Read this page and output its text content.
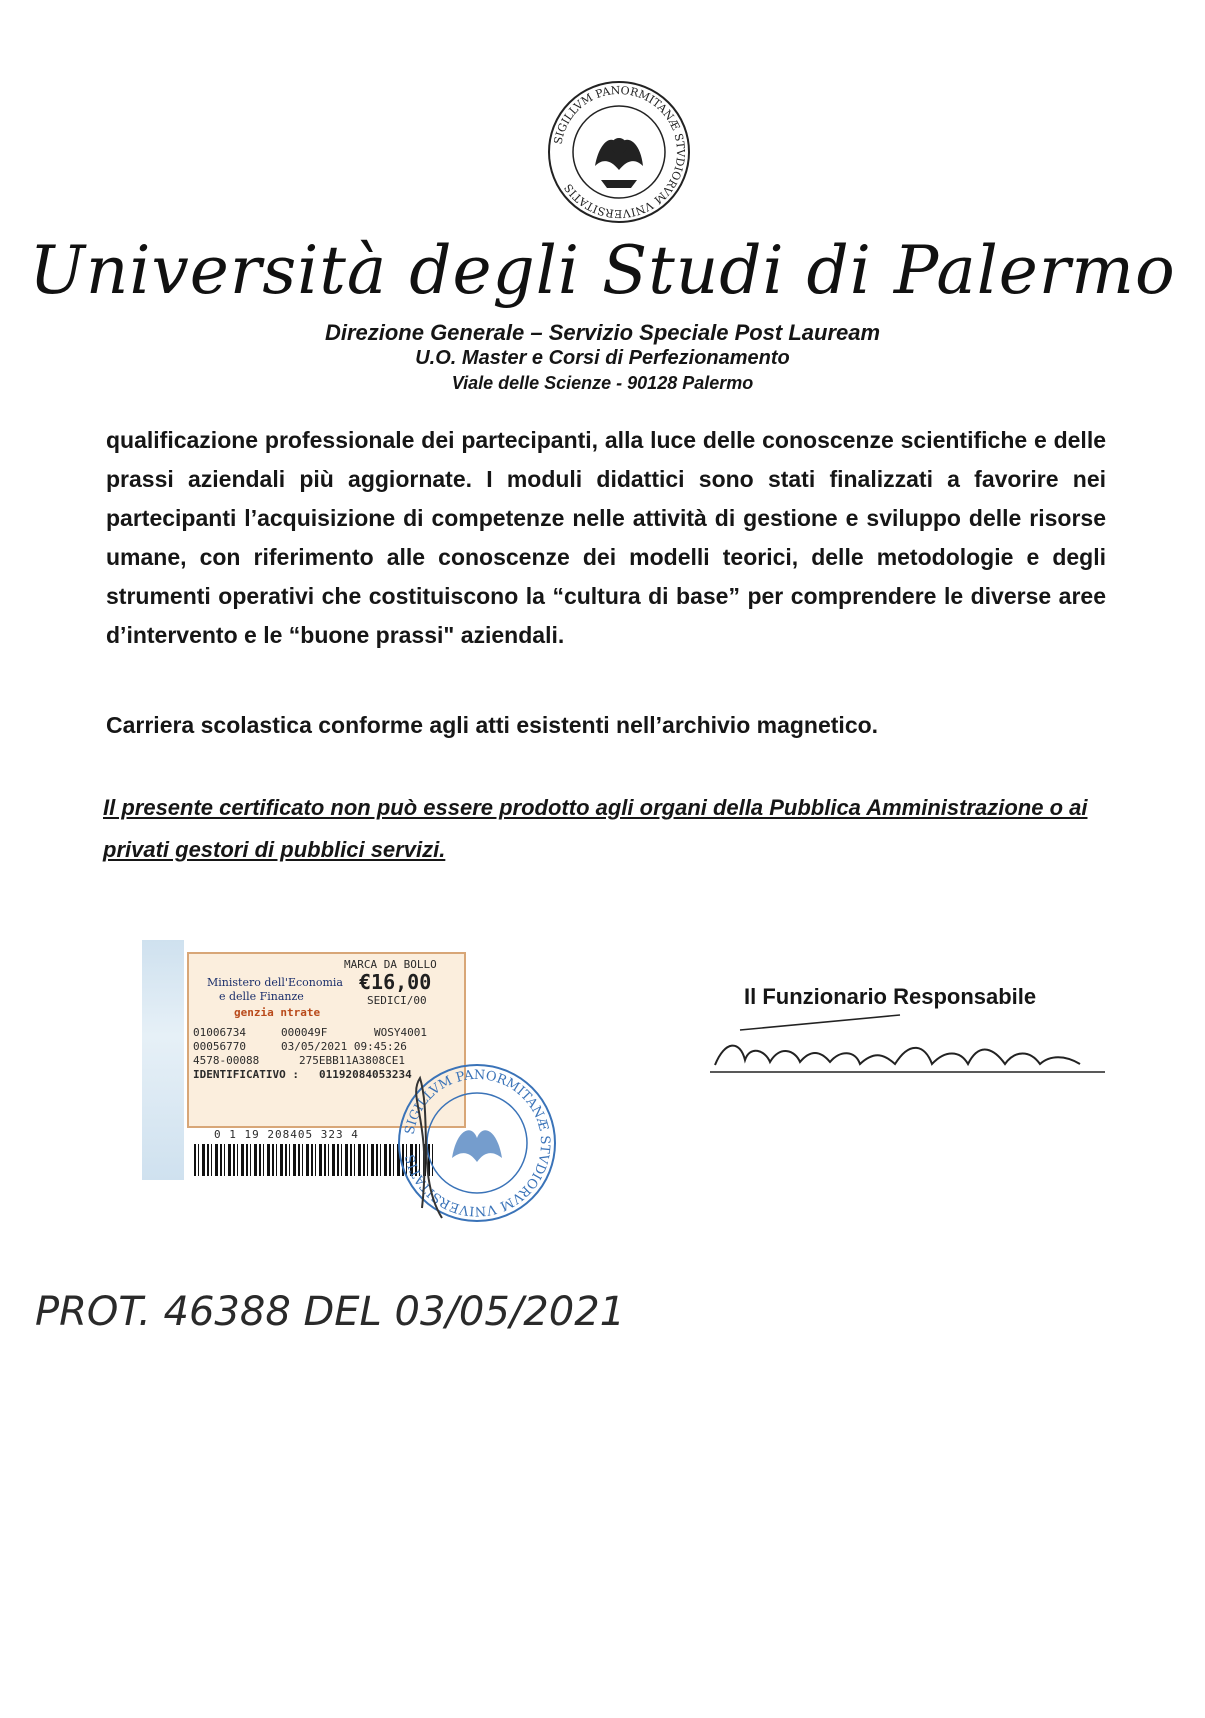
SIGILLVM PANORMITANÆ STVDIORVM VNIVERSITATIS
Università degli Studi di Palermo
Direzione Generale – Servizio Speciale Post Lauream
U.O. Master e Corsi di Perfezionamento
Viale delle Scienze - 90128 Palermo
qualificazione professionale dei partecipanti, alla luce delle conoscenze scientifiche e delle prassi aziendali più aggiornate. I moduli didattici sono stati finalizzati a favorire nei partecipanti l’acquisizione di competenze nelle attività di gestione e sviluppo delle risorse umane, con riferimento alle conoscenze dei modelli teorici, delle metodologie e degli strumenti operativi che costituiscono la “cultura di base” per comprendere le diverse aree d’intervento e le “buone prassi" aziendali.
Carriera scolastica conforme agli atti esistenti nell’archivio magnetico.
Il presente certificato non può essere prodotto agli organi della Pubblica Amministrazione o ai privati gestori di pubblici servizi.
MARCA DA BOLLO
Ministero dell'Economia
e delle Finanze
€16,00
SEDICI/00
genzia ntrate
01006734	000049F	WOSY4001
00056770	03/05/2021 09:45:26
4578-00088	275EBB11A3808CE1
IDENTIFICATIVO : 01192084053234
0 1 19 208405 323 4	SIGILLVM PANORMITANÆ STVDIORVM VNIVERSITATIS
Il Funzionario Responsabile
PROT. 46388 DEL 03/05/2021
